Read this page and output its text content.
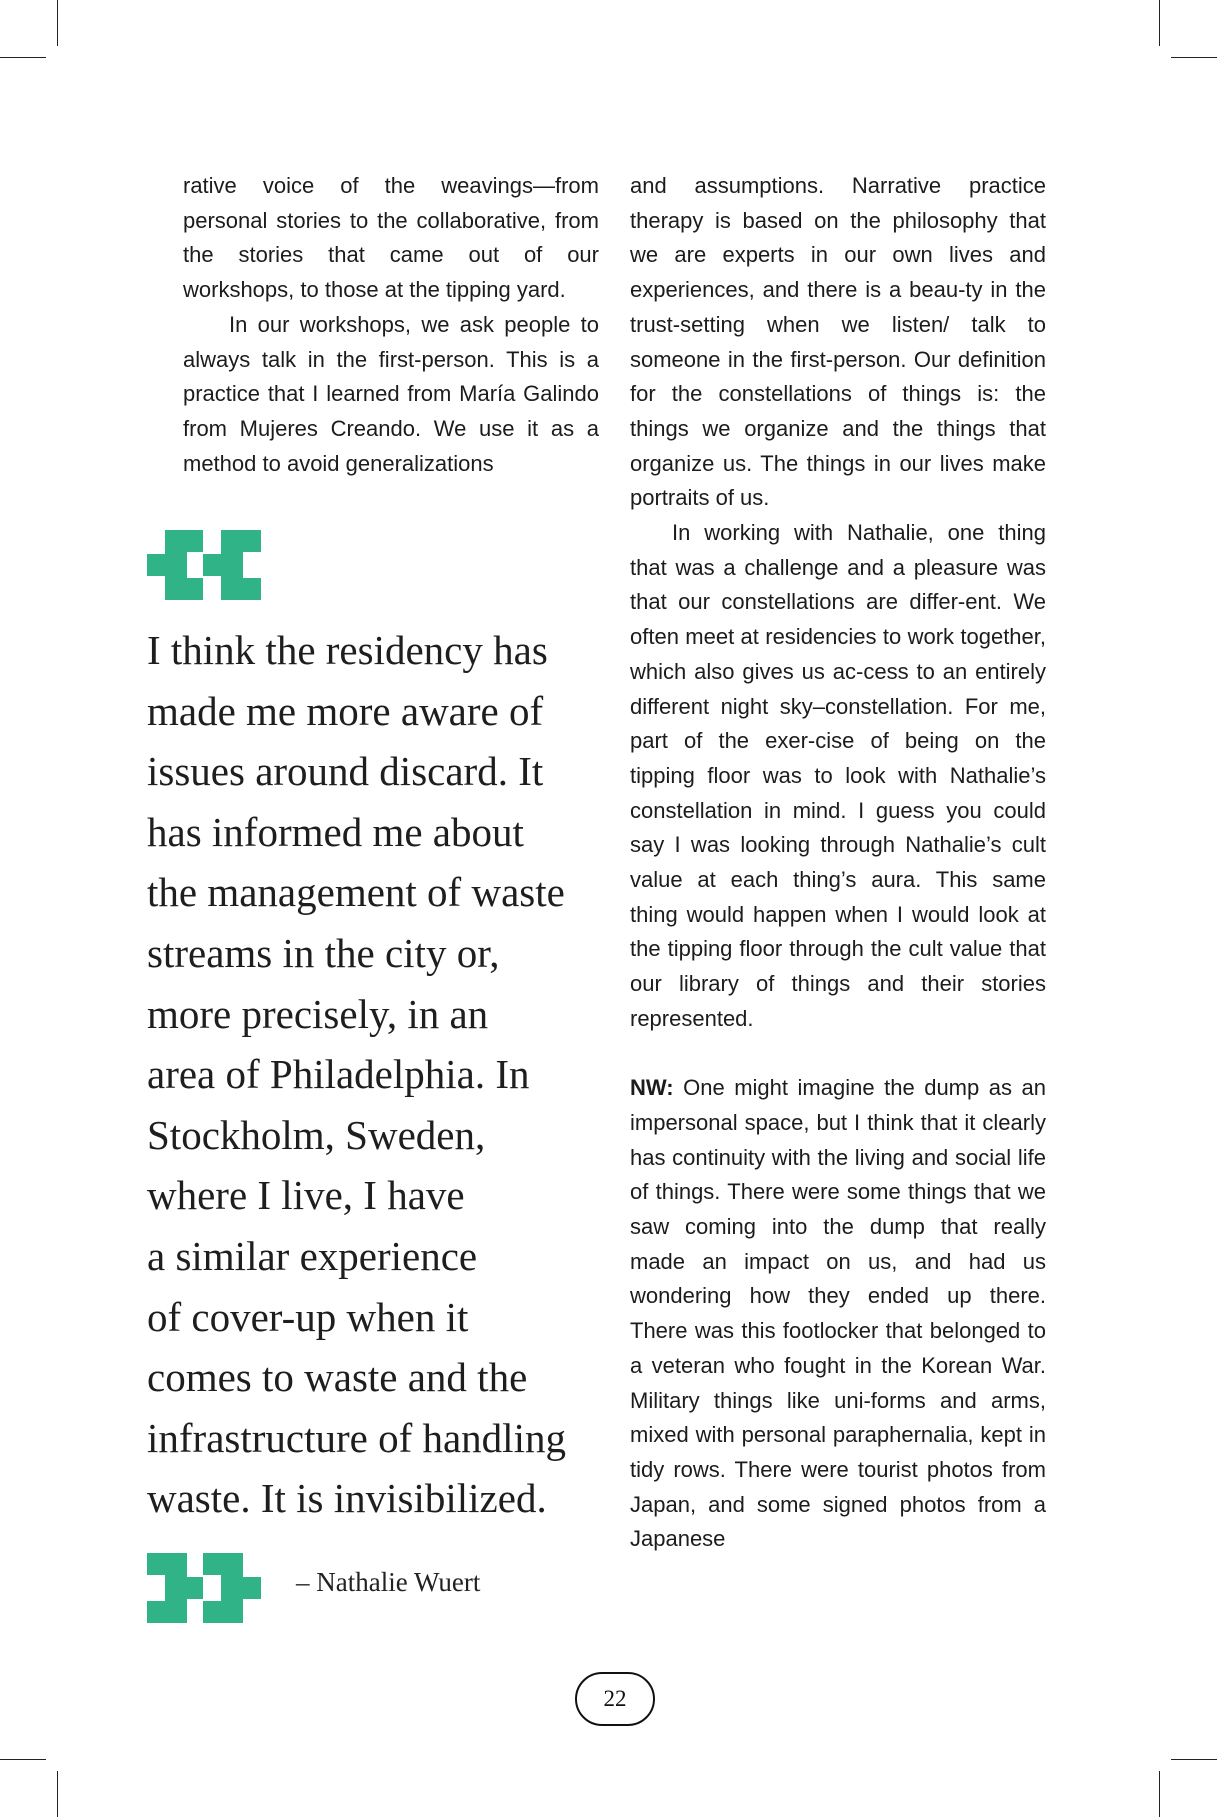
rative voice of the weavings—from personal stories to the collaborative, from the stories that came out of our workshops, to those at the tipping yard.

In our workshops, we ask people to always talk in the first-person. This is a practice that I learned from María Galindo from Mujeres Creando. We use it as a method to avoid generalizations

I think the residency has
made me more aware of
issues around discard. It
has informed me about
the management of waste
streams in the city or,
more precisely, in an
area of Philadelphia. In
Stockholm, Sweden,
where I live, I have
a similar experience
of cover-up when it
comes to waste and the
infrastructure of handling
waste. It is invisibilized.
– Nathalie Wuert

and assumptions. Narrative practice therapy is based on the philosophy that we are experts in our own lives and experiences, and there is a beau-ty in the trust-setting when we listen/ talk to someone in the first-person. Our definition for the constellations of things is: the things we organize and the things that organize us. The things in our lives make portraits of us.

In working with Nathalie, one thing that was a challenge and a pleasure was that our constellations are differ-ent. We often meet at residencies to work together, which also gives us ac-cess to an entirely different night sky–constellation. For me, part of the exer-cise of being on the tipping floor was to look with Nathalie’s constellation in mind. I guess you could say I was looking through Nathalie’s cult value at each thing’s aura. This same thing would happen when I would look at the tipping floor through the cult value that our library of things and their stories represented.

NW: One might imagine the dump as an impersonal space, but I think that it clearly has continuity with the living and social life of things. There were some things that we saw coming into the dump that really made an impact on us, and had us wondering how they ended up there. There was this footlocker that belonged to a veteran who fought in the Korean War. Military things like uni-forms and arms, mixed with personal paraphernalia, kept in tidy rows. There were tourist photos from Japan, and some signed photos from a Japanese

22
